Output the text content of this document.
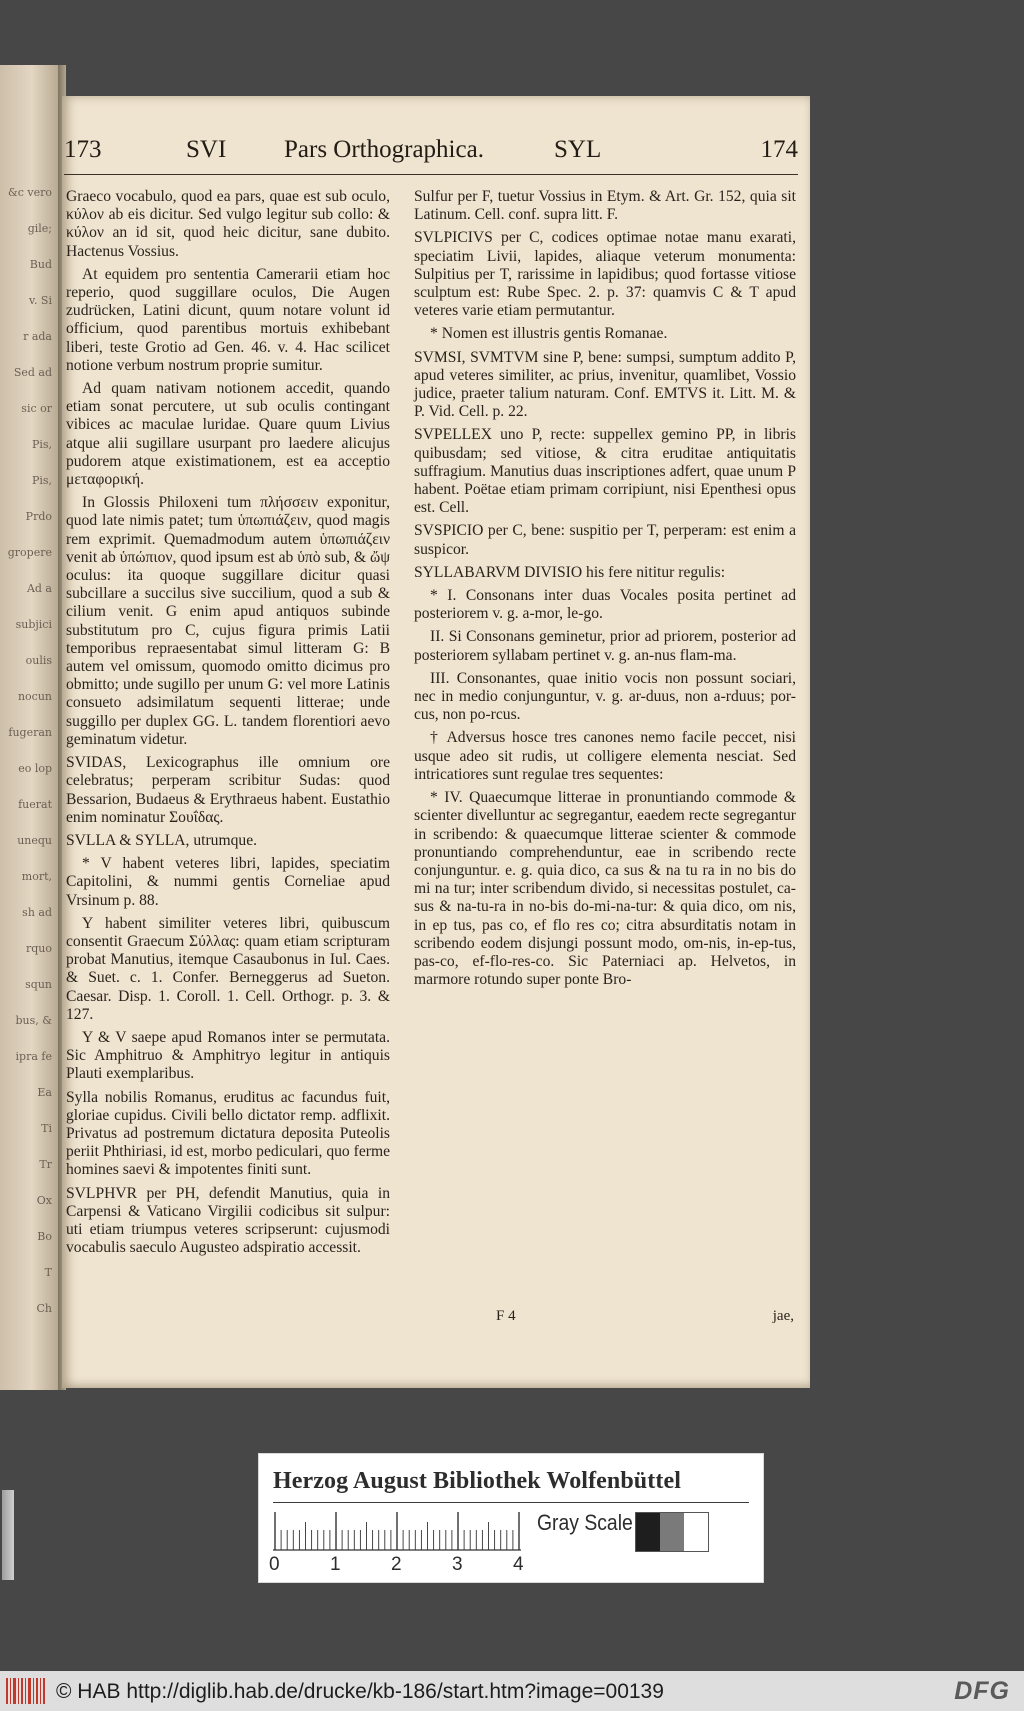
&c vero
gile;
Bud
v. Si
r ada
Sed ad
sic or
Pis,
Pis,
Prdo
gropere
Ad a
subjici
oulis
nocun
fugeran
eo lop
fuerat
unequ
mort,
sh ad
rquo
squn
bus, &
ipra fe
Ea
Ti
Tr
Ox
Bo
T
Ch
173	SVI Pars Orthographica.	SYL	174

Graeco vocabulo, quod ea pars, quae est sub oculo, κύλον ab eis dicitur. Sed vulgo legitur sub collo: & κύλον an id sit, quod heic dicitur, sane dubito. Hactenus Vossius.

At equidem pro sententia Camerarii etiam hoc reperio, quod suggillare oculos, Die Augen zudrücken, Latini dicunt, quum notare volunt id officium, quod parentibus mortuis exhibebant liberi, teste Grotio ad Gen. 46. v. 4. Hac scilicet notione verbum nostrum proprie sumitur.

Ad quam nativam notionem accedit, quando etiam sonat percutere, ut sub oculis contingant vibices ac maculae luridae. Quare quum Livius atque alii sugillare usurpant pro laedere alicujus pudorem atque existimationem, est ea acceptio μεταφορική.

In Glossis Philoxeni tum πλήσσειν exponitur, quod late nimis patet; tum ὑπωπιάζειν, quod magis rem exprimit. Quemadmodum autem ὑπωπιάζειν venit ab ὑπώπιον, quod ipsum est ab ὑπὸ sub, & ὤψ oculus: ita quoque suggillare dicitur quasi subcillare a succilus sive succilium, quod a sub & cilium venit. G enim apud antiquos subinde substitutum pro C, cujus figura primis Latii temporibus repraesentabat simul litteram G: B autem vel omissum, quomodo omitto dicimus pro obmitto; unde sugillo per unum G: vel more Latinis consueto adsimilatum sequenti litterae; unde suggillo per duplex GG. L. tandem florentiori aevo geminatum videtur.

SVIDAS, Lexicographus ille omnium ore celebratus; perperam scribitur Sudas: quod Bessarion, Budaeus & Erythraeus habent. Eustathio enim nominatur Σουΐδας.

SVLLA & SYLLA, utrumque.

* V habent veteres libri, lapides, speciatim Capitolini, & nummi gentis Corneliae apud Vrsinum p. 88.

Y habent similiter veteres libri, quibuscum consentit Graecum Σύλλας: quam etiam scripturam probat Manutius, itemque Casaubonus in Iul. Caes. & Suet. c. 1. Confer. Berneggerus ad Sueton. Caesar. Disp. 1. Coroll. 1. Cell. Orthogr. p. 3. & 127.

Y & V saepe apud Romanos inter se permutata. Sic Amphitruo & Amphitryo legitur in antiquis Plauti exemplaribus.

Sylla nobilis Romanus, eruditus ac facundus fuit, gloriae cupidus. Civili bello dictator remp. adflixit. Privatus ad postremum dictatura deposita Puteolis periit Phthiriasi, id est, morbo pediculari, quo ferme homines saevi & impotentes finiti sunt.

SVLPHVR per PH, defendit Manutius, quia in Carpensi & Vaticano Virgilii codicibus sit sulpur: uti etiam triumpus veteres scripserunt: cujusmodi vocabulis saeculo Augusteo adspiratio accessit.

Sulfur per F, tuetur Vossius in Etym. & Art. Gr. 152, quia sit Latinum. Cell. conf. supra litt. F.

SVLPICIVS per C, codices optimae notae manu exarati, speciatim Livii, lapides, aliaque veterum monumenta: Sulpitius per T, rarissime in lapidibus; quod fortasse vitiose sculptum est: Rube Spec. 2. p. 37: quamvis C & T apud veteres varie etiam permutantur.

* Nomen est illustris gentis Romanae.

SVMSI, SVMTVM sine P, bene: sumpsi, sumptum addito P, apud veteres similiter, ac prius, invenitur, quamlibet, Vossio judice, praeter talium naturam. Conf. EMTVS it. Litt. M. & P. Vid. Cell. p. 22.

SVPELLEX uno P, recte: suppellex gemino PP, in libris quibusdam; sed vitiose, & citra eruditae antiquitatis suffragium. Manutius duas inscriptiones adfert, quae unum P habent. Poëtae etiam primam corripiunt, nisi Epenthesi opus est. Cell.

SVSPICIO per C, bene: suspitio per T, perperam: est enim a suspicor.

SYLLABARVM DIVISIO his fere nititur regulis:

* I. Consonans inter duas Vocales posita pertinet ad posteriorem v. g. a-mor, le-go.

II. Si Consonans geminetur, prior ad priorem, posterior ad posteriorem syllabam pertinet v. g. an-nus flam-ma.

III. Consonantes, quae initio vocis non possunt sociari, nec in medio conjunguntur, v. g. ar-duus, non a-rduus; por-cus, non po-rcus.

† Adversus hosce tres canones nemo facile peccet, nisi usque adeo sit rudis, ut colligere elementa nesciat. Sed intricatiores sunt regulae tres sequentes:

* IV. Quaecumque litterae in pronuntiando commode & scienter divelluntur ac segregantur, eaedem recte segregantur in scribendo: & quaecumque litterae scienter & commode pronuntiando comprehenduntur, eae in scribendo recte conjunguntur. e. g. quia dico, ca sus & na tu ra in no bis do mi na tur; inter scribendum divido, si necessitas postulet, ca-sus & na-tu-ra in no-bis do-mi-na-tur: & quia dico, om nis, in ep tus, pas co, ef flo res co; citra absurditatis notam in scribendo eodem disjungi possunt modo, om-nis, in-ep-tus, pas-co, ef-flo-res-co. Sic Paterniaci ap. Helvetos, in marmore rotundo super ponte Bro-

F 4	jae,
Herzog August Bibliothek Wolfenbüttel
Gray Scale
0	1	2	3	4
© HAB http://diglib.hab.de/drucke/kb-186/start.htm?image=00139	DFG
